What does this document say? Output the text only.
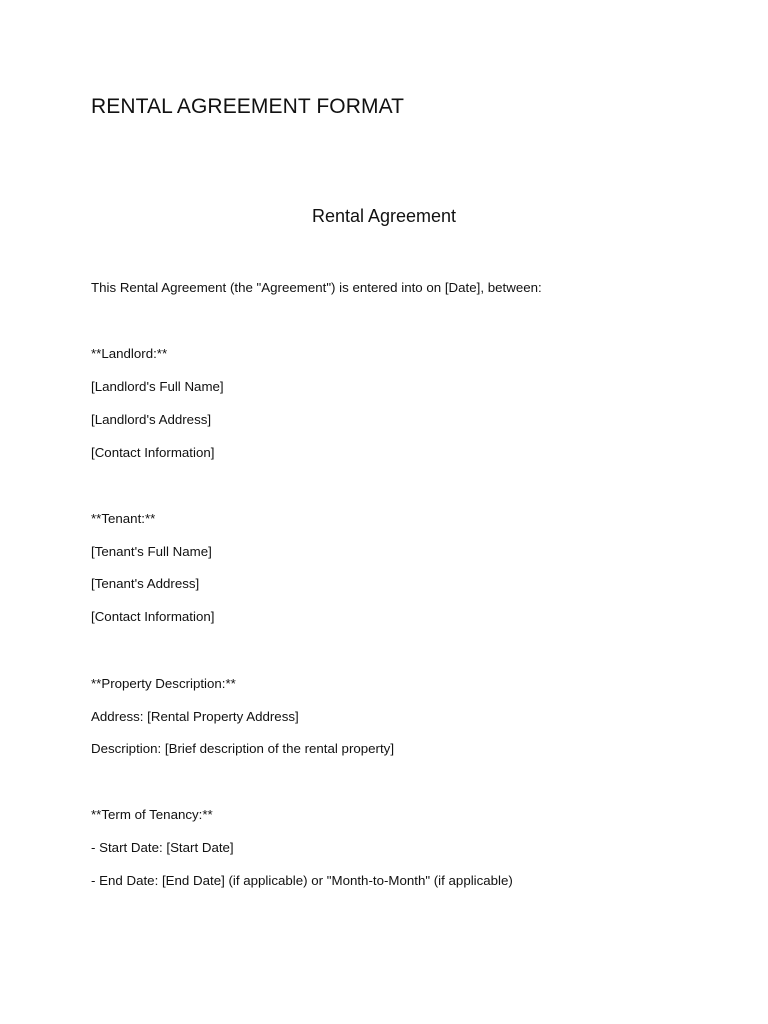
RENTAL AGREEMENT FORMAT
Rental Agreement
This Rental Agreement (the "Agreement") is entered into on [Date], between:
**Landlord:**
[Landlord's Full Name]
[Landlord's Address]
[Contact Information]
**Tenant:**
[Tenant's Full Name]
[Tenant's Address]
[Contact Information]
**Property Description:**
Address: [Rental Property Address]
Description: [Brief description of the rental property]
**Term of Tenancy:**
- Start Date: [Start Date]
- End Date: [End Date] (if applicable) or "Month-to-Month" (if applicable)
